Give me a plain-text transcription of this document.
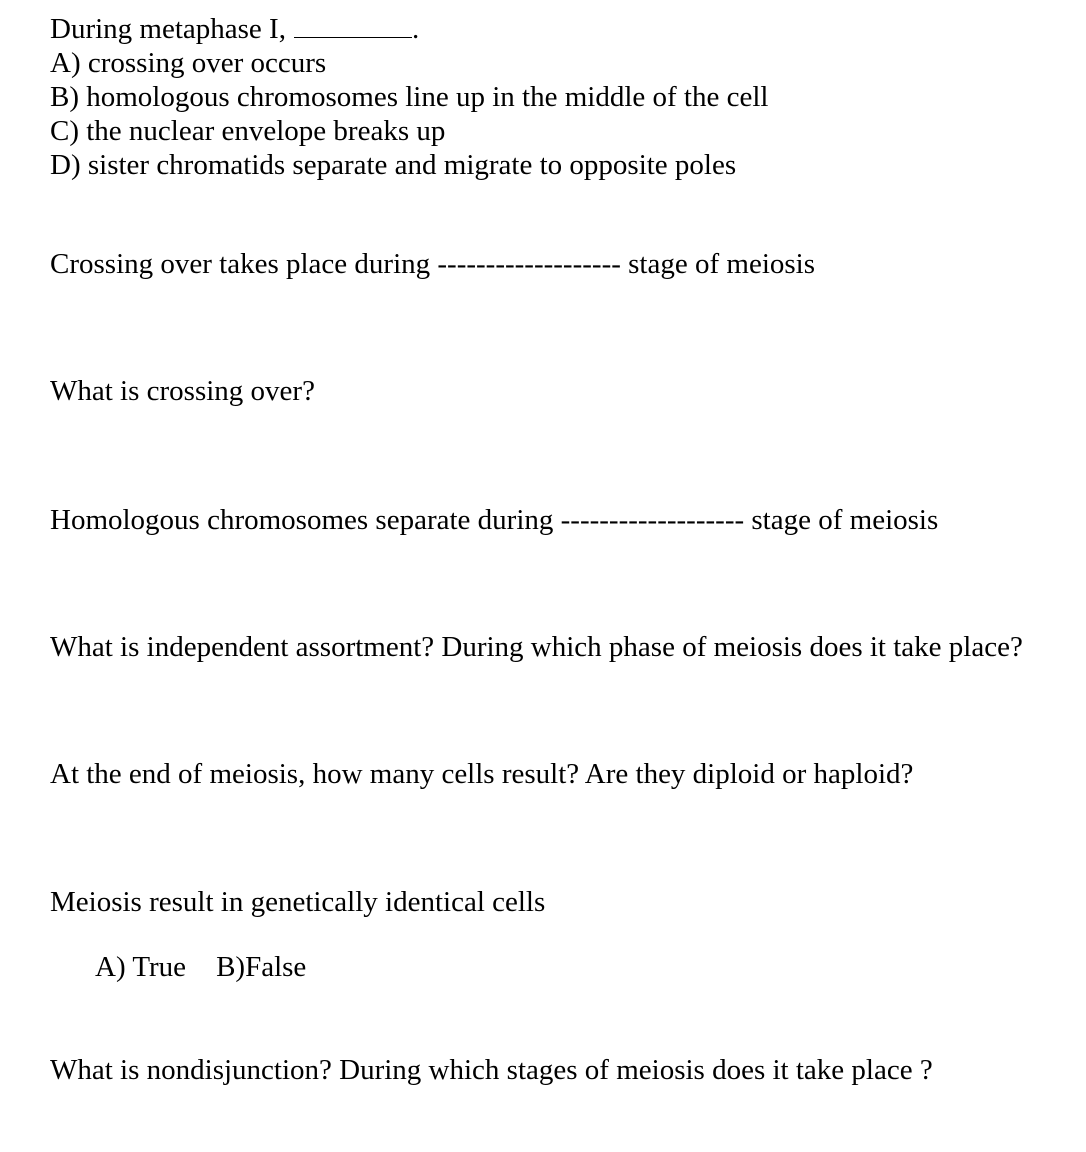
During metaphase I,	.
A) crossing over occurs
B) homologous chromosomes line up in the middle of the cell
C) the nuclear envelope breaks up
D) sister chromatids separate and migrate to opposite poles
Crossing over takes place during ------------------- stage of meiosis
What is crossing over?
Homologous chromosomes separate during ------------------- stage of meiosis
What is independent assortment? During which phase of meiosis does it take place?
At the end of meiosis, how many cells result? Are they diploid or haploid?
Meiosis result in genetically identical cells
A) True B)False
What is nondisjunction? During which stages of meiosis does it take place ?
